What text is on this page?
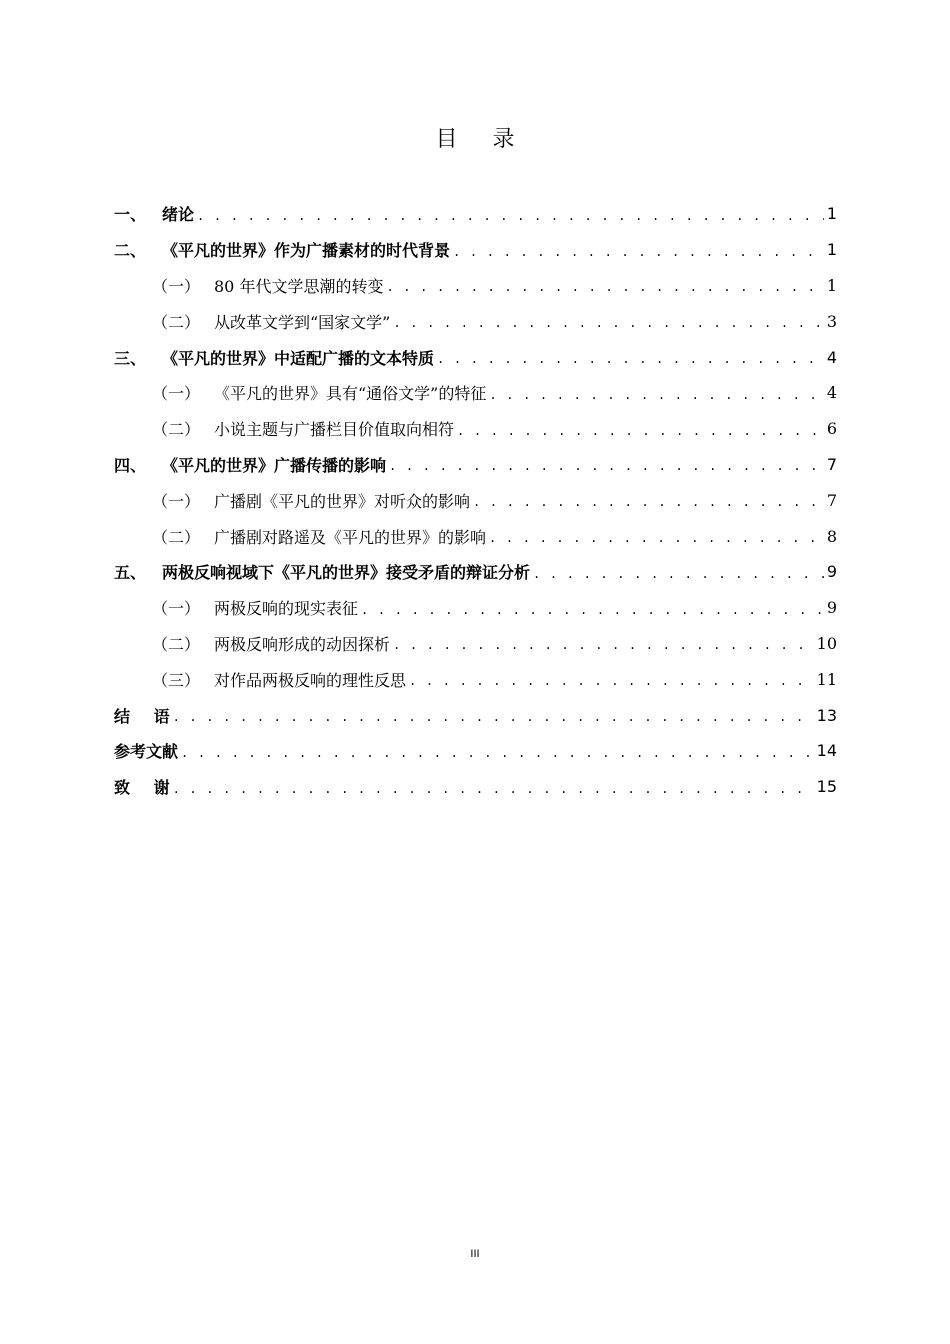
目 录
一、 绪论 . . .	1
二、 《平凡的世界》作为广播素材的时代背景 . . .	1
（一） 80 年代文学思潮的转变 . . .	1
（二） 从改革文学到“国家文学” . . .	3
三、 《平凡的世界》中适配广播的文本特质 . . .	4
（一） 《平凡的世界》具有“通俗文学”的特征 . . .	4
（二） 小说主题与广播栏目价值取向相符 . . .	6
四、 《平凡的世界》广播传播的影响 . . .	7
（一） 广播剧《平凡的世界》对听众的影响 . . .	7
（二） 广播剧对路遥及《平凡的世界》的影响 . . .	8
五、 两极反响视域下《平凡的世界》接受矛盾的辩证分析 . . .	9
（一） 两极反响的现实表征 . . .	9
（二） 两极反响形成的动因探析 . . .	10
（三） 对作品两极反响的理性反思 . . .	11
结 语 . . .	13
参考文献 . . .	14
致 谢 . . .	15
III
